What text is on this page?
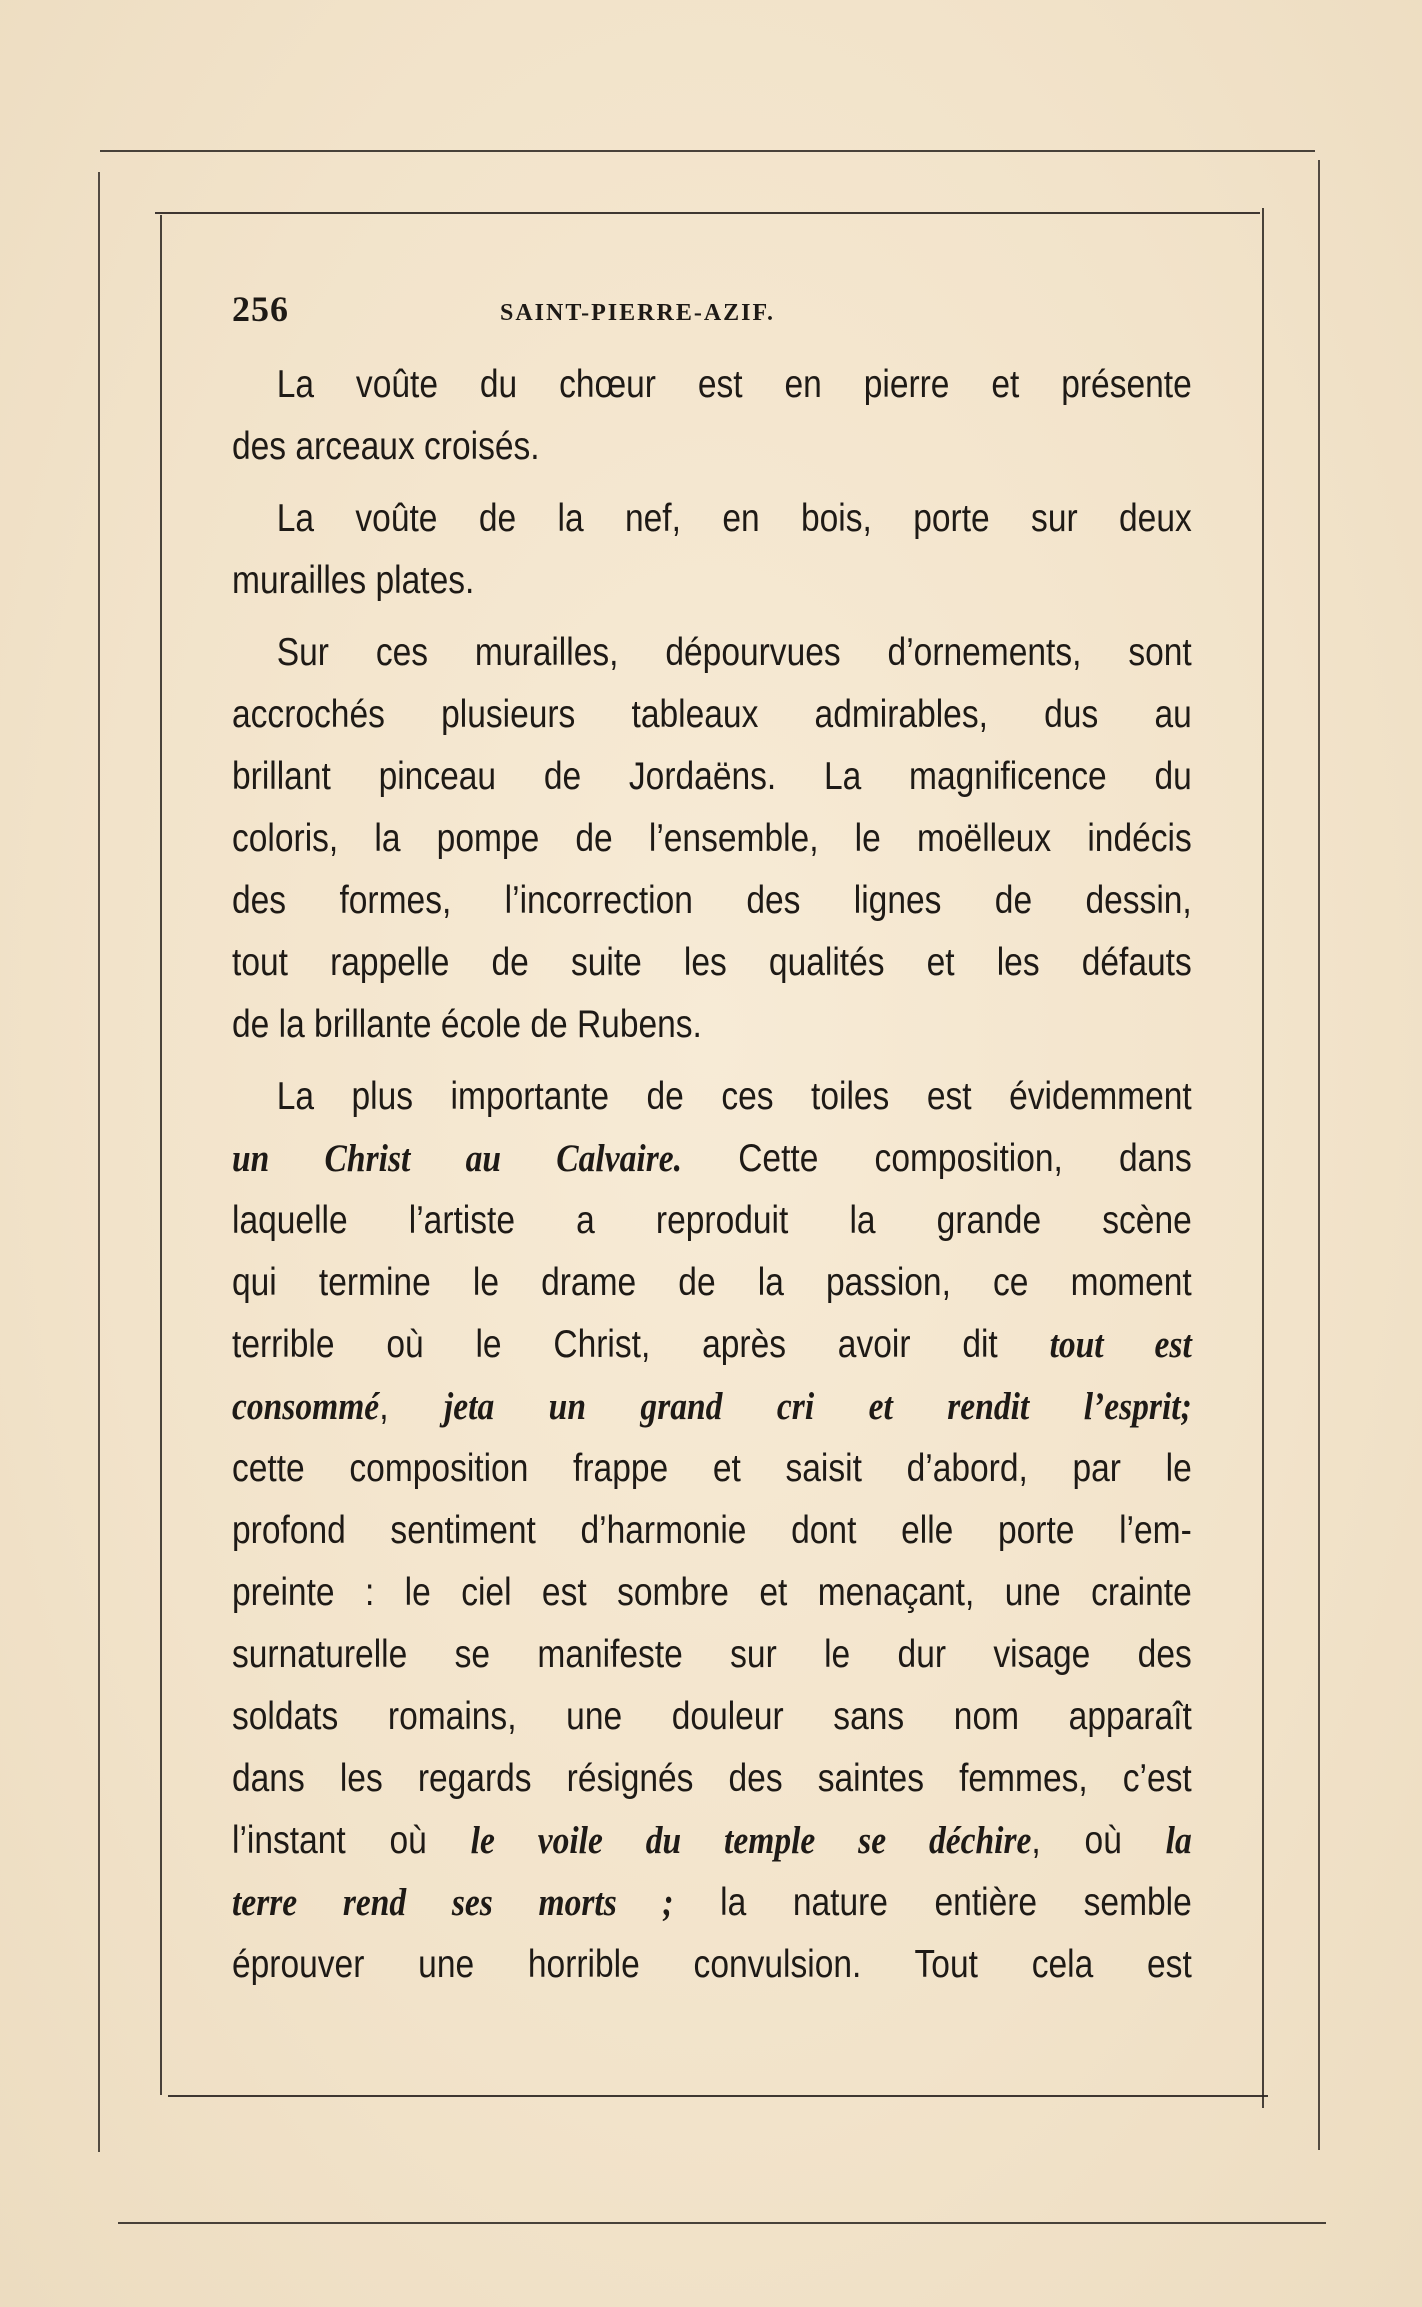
256	SAINT-PIERRE-AZIF.

La voûte du chœur est en pierre et présente
des arceaux croisés.

La voûte de la nef, en bois, porte sur deux
murailles plates.

Sur ces murailles, dépourvues d’ornements, sont
accrochés plusieurs tableaux admirables, dus au
brillant pinceau de Jordaëns. La magnificence du
coloris, la pompe de l’ensemble, le moëlleux indécis
des formes, l’incorrection des lignes de dessin,
tout rappelle de suite les qualités et les défauts
de la brillante école de Rubens.

La plus importante de ces toiles est évidemment
un Christ au Calvaire. Cette composition, dans
laquelle l’artiste a reproduit la grande scène
qui termine le drame de la passion, ce moment
terrible où le Christ, après avoir dit tout est
consommé, jeta un grand cri et rendit l’esprit;
cette composition frappe et saisit d’abord, par le
profond sentiment d’harmonie dont elle porte l’em-
preinte : le ciel est sombre et menaçant, une crainte
surnaturelle se manifeste sur le dur visage des
soldats romains, une douleur sans nom apparaît
dans les regards résignés des saintes femmes, c’est
l’instant où le voile du temple se déchire, où la
terre rend ses morts ; la nature entière semble
éprouver une horrible convulsion. Tout cela est
